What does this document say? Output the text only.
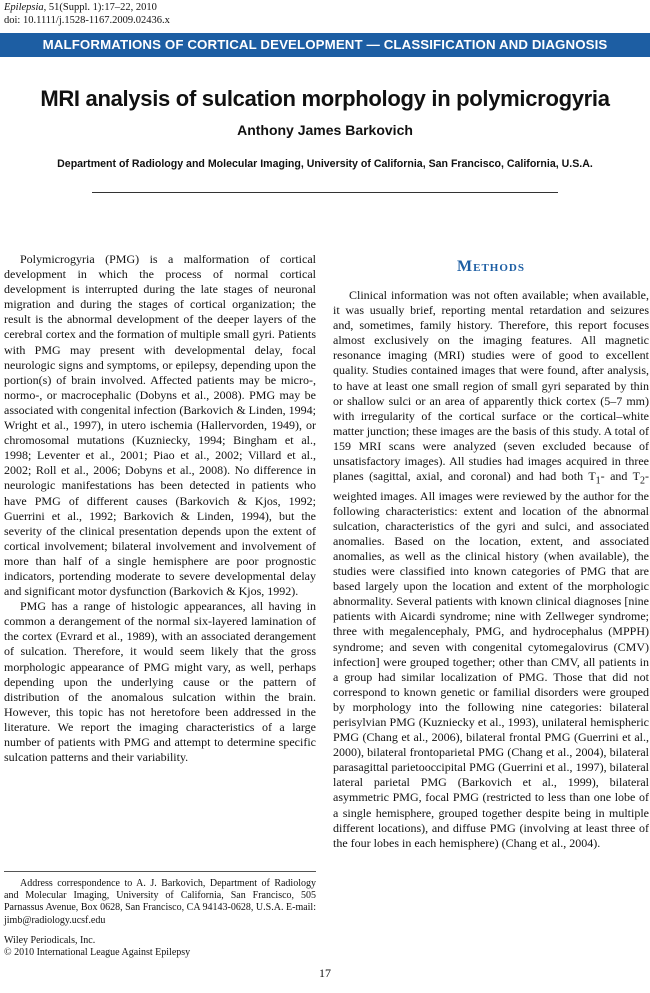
Epilepsia, 51(Suppl. 1):17–22, 2010
doi: 10.1111/j.1528-1167.2009.02436.x
MALFORMATIONS OF CORTICAL DEVELOPMENT — CLASSIFICATION AND DIAGNOSIS
MRI analysis of sulcation morphology in polymicrogyria
Anthony James Barkovich
Department of Radiology and Molecular Imaging, University of California, San Francisco, California, U.S.A.

Polymicrogyria (PMG) is a malformation of cortical development in which the process of normal cortical development is interrupted during the late stages of neuronal migration and during the stages of cortical organization; the result is the abnormal development of the deeper layers of the cerebral cortex and the formation of multiple small gyri. Patients with PMG may present with developmental delay, focal neurologic signs and symptoms, or epilepsy, depending upon the portion(s) of brain involved. Affected patients may be micro-, normo-, or macrocephalic (Dobyns et al., 2008). PMG may be associated with congenital infection (Barkovich & Linden, 1994; Wright et al., 1997), in utero ischemia (Hallervorden, 1949), or chromosomal mutations (Kuzniecky, 1994; Bingham et al., 1998; Leventer et al., 2001; Piao et al., 2002; Villard et al., 2002; Roll et al., 2006; Dobyns et al., 2008). No difference in neurologic manifestations has been detected in patients who have PMG of different causes (Barkovich & Kjos, 1992; Guerrini et al., 1992; Barkovich & Linden, 1994), but the severity of the clinical presentation depends upon the extent of cortical involvement; bilateral involvement and involvement of more than half of a single hemisphere are poor prognostic indicators, portending moderate to severe developmental delay and significant motor dysfunction (Barkovich & Kjos, 1992).

PMG has a range of histologic appearances, all having in common a derangement of the normal six-layered lamination of the cortex (Evrard et al., 1989), with an associated derangement of sulcation. Therefore, it would seem likely that the gross morphologic appearance of PMG might vary, as well, perhaps depending upon the underlying cause or the pattern of distribution of the anomalous sulcation within the brain. However, this topic has not heretofore been addressed in the literature. We report the imaging characteristics of a large number of patients with PMG and attempt to determine specific sulcation patterns and their variability.

Address correspondence to A. J. Barkovich, Department of Radiology and Molecular Imaging, University of California, San Francisco, 505 Parnassus Avenue, Box 0628, San Francisco, CA 94143-0628, U.S.A. E-mail: jimb@radiology.ucsf.edu

Wiley Periodicals, Inc.
© 2010 International League Against Epilepsy
Methods

Clinical information was not often available; when available, it was usually brief, reporting mental retardation and seizures and, sometimes, family history. Therefore, this report focuses almost exclusively on the imaging features. All magnetic resonance imaging (MRI) studies were of good to excellent quality. Studies contained images that were found, after analysis, to have at least one small region of small gyri separated by thin or shallow sulci or an area of apparently thick cortex (5–7 mm) with irregularity of the cortical surface or the cortical–white matter junction; these images are the basis of this study. A total of 159 MRI scans were analyzed (seven excluded because of unsatisfactory images). All studies had images acquired in three planes (sagittal, axial, and coronal) and had both $T_1-$ and $T_2$-weighted images. All images were reviewed by the author for the following characteristics: extent and location of the abnormal sulcation, characteristics of the gyri and sulci, and associated anomalies. Based on the location, extent, and associated anomalies, as well as the clinical history (when available), the studies were classified into known categories of PMG that are based largely upon the location and extent of the morphologic abnormality. Several patients with known clinical diagnoses [nine patients with Aicardi syndrome; nine with Zellweger syndrome; three with megalencephaly, PMG, and hydrocephalus (MPPH) syndrome; and seven with congenital cytomegalovirus (CMV) infection] were grouped together; other than CMV, all patients in a group had similar localization of PMG. Those that did not correspond to known genetic or familial disorders were grouped by morphology into the following nine categories: bilateral perisylvian PMG (Kuzniecky et al., 1993), unilateral hemispheric PMG (Chang et al., 2006), bilateral frontal PMG (Guerrini et al., 2000), bilateral frontoparietal PMG (Chang et al., 2004), bilateral parasagittal parietooccipital PMG (Guerrini et al., 1997), bilateral lateral parietal PMG (Barkovich et al., 1999), bilateral asymmetric PMG, focal PMG (restricted to less than one lobe of a single hemisphere, grouped together despite being in multiple different locations), and diffuse PMG (involving at least three of the four lobes in each hemisphere) (Chang et al., 2004).

17
